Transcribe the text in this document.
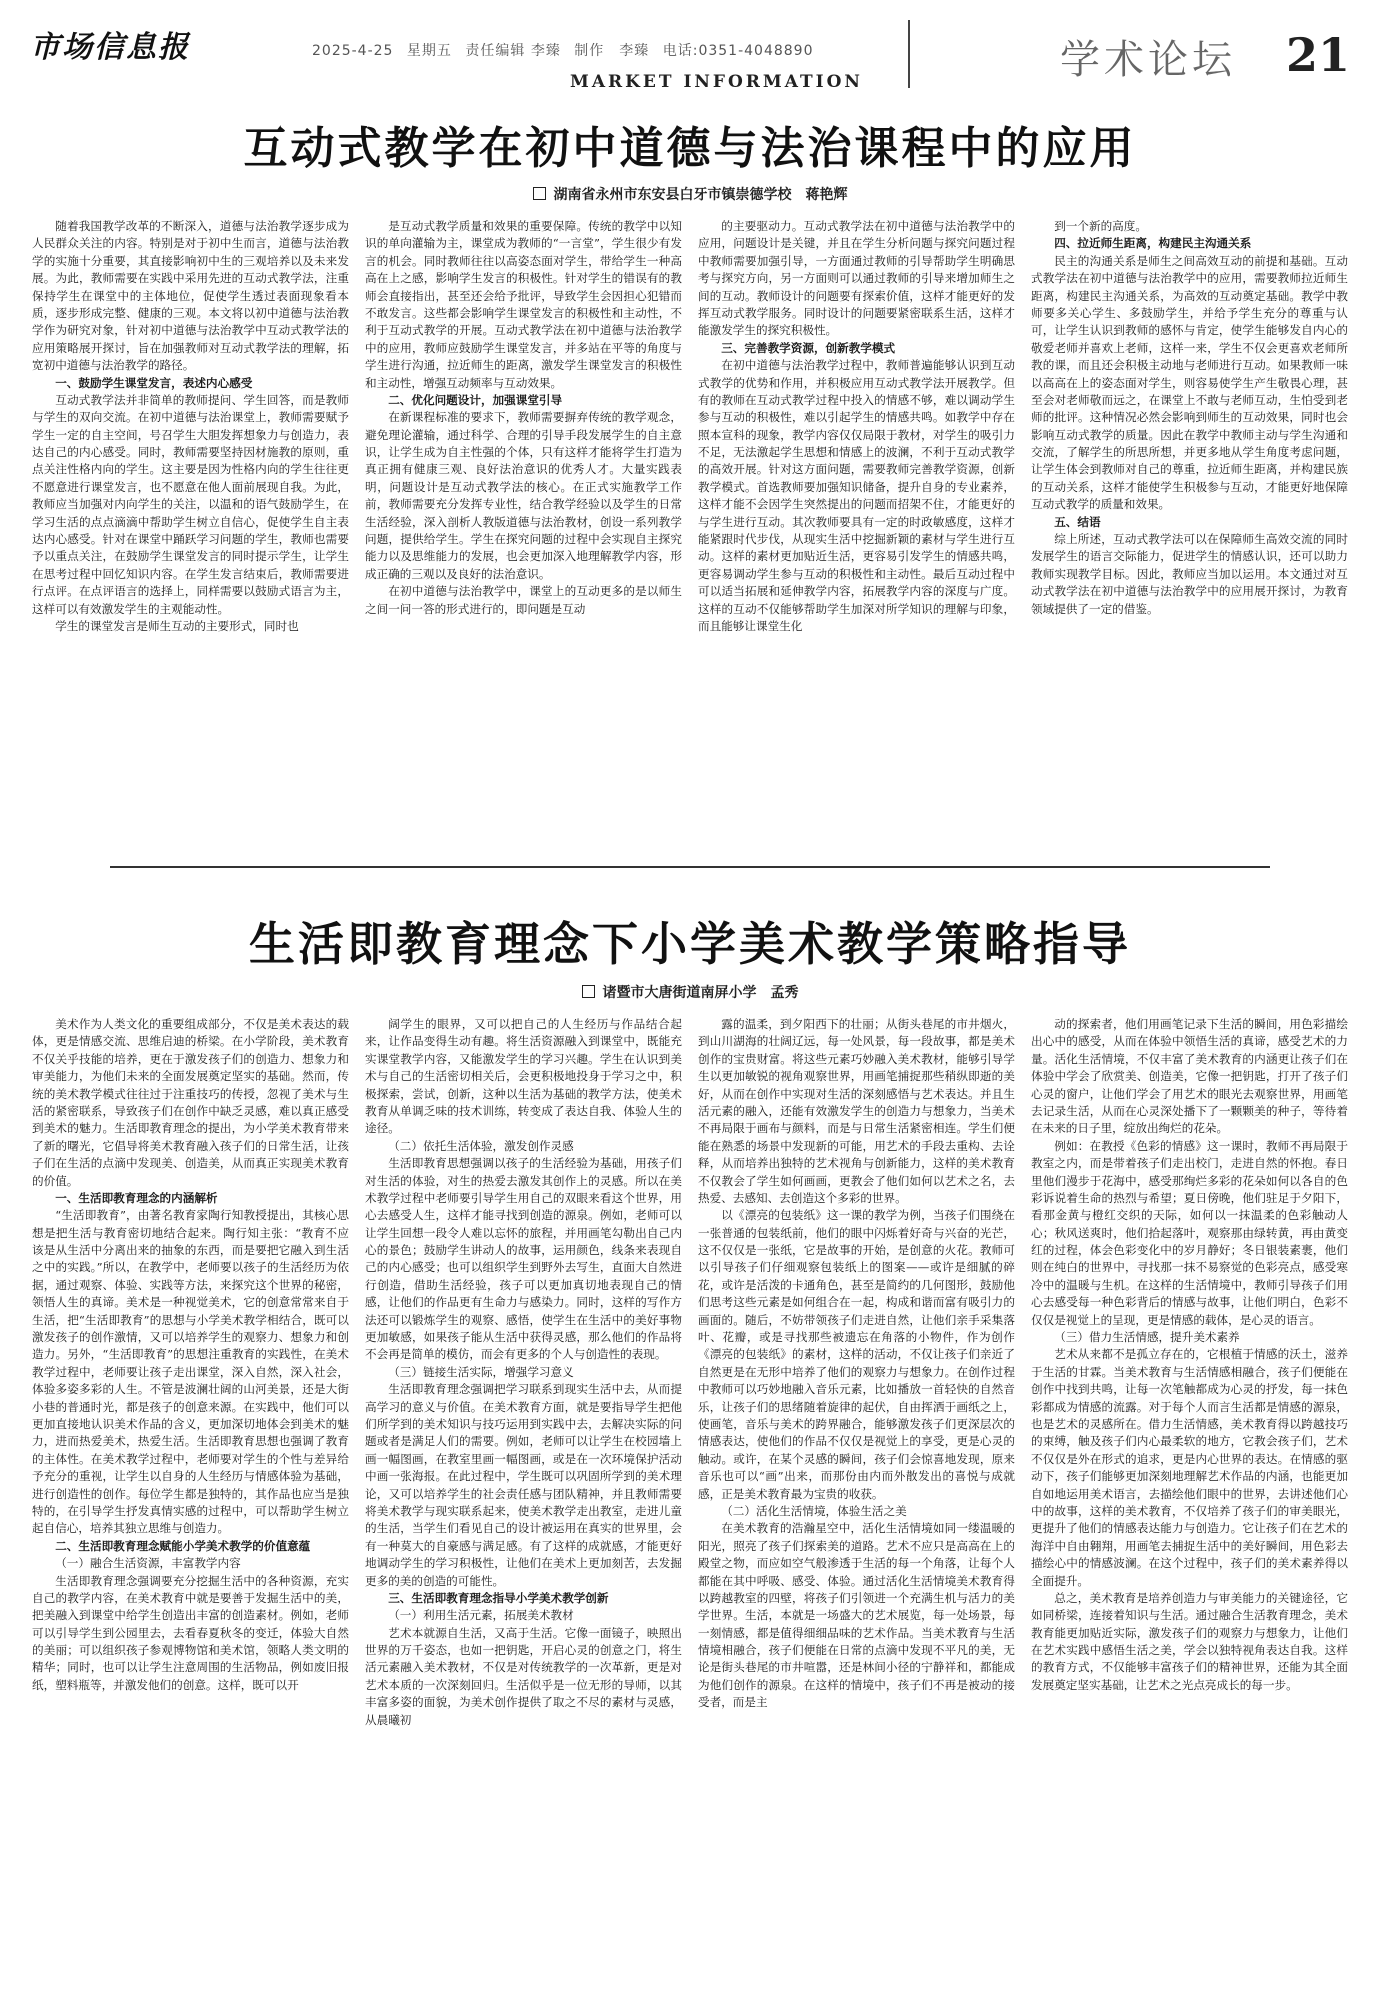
市场信息报	2025-4-25 星期五 责任编辑 李臻 制作　李臻 电话:0351-4048890
MARKET INFORMATION	学术论坛 21
互动式教学在初中道德与法治课程中的应用
湖南省永州市东安县白牙市镇崇德学校　蒋艳辉

随着我国教学改革的不断深入，道德与法治教学逐步成为人民群众关注的内容。特别是对于初中生而言，道德与法治教学的实施十分重要，其直接影响初中生的三观培养以及未来发展。为此，教师需要在实践中采用先进的互动式教学法，注重保持学生在课堂中的主体地位，促使学生透过表面现象看本质，逐步形成完整、健康的三观。本文将以初中道德与法治教学作为研究对象，针对初中道德与法治教学中互动式教学法的应用策略展开探讨，旨在加强教师对互动式教学法的理解，拓宽初中道德与法治教学的路径。

一、鼓励学生课堂发言，表述内心感受

互动式教学法并非简单的教师提问、学生回答，而是教师与学生的双向交流。在初中道德与法治课堂上，教师需要赋予学生一定的自主空间，号召学生大胆发挥想象力与创造力，表达自己的内心感受。同时，教师需要坚持因材施教的原则，重点关注性格内向的学生。这主要是因为性格内向的学生往往更不愿意进行课堂发言，也不愿意在他人面前展现自我。为此，教师应当加强对内向学生的关注，以温和的语气鼓励学生，在学习生活的点点滴滴中帮助学生树立自信心，促使学生自主表达内心感受。针对在课堂中踊跃学习问题的学生，教师也需要予以重点关注，在鼓励学生课堂发言的同时提示学生，让学生在思考过程中回忆知识内容。在学生发言结束后，教师需要进行点评。在点评语言的选择上，同样需要以鼓励式语言为主，这样可以有效激发学生的主观能动性。

学生的课堂发言是师生互动的主要形式，同时也

是互动式教学质量和效果的重要保障。传统的教学中以知识的单向灌输为主，课堂成为教师的“一言堂”，学生很少有发言的机会。同时教师往往以高姿态面对学生，带给学生一种高高在上之感，影响学生发言的积极性。针对学生的错误有的教师会直接指出，甚至还会给予批评，导致学生会因担心犯错而不敢发言。这些都会影响学生课堂发言的积极性和主动性，不利于互动式教学的开展。互动式教学法在初中道德与法治教学中的应用，教师应鼓励学生课堂发言，并多站在平等的角度与学生进行沟通，拉近师生的距离，激发学生课堂发言的积极性和主动性，增强互动频率与互动效果。

二、优化问题设计，加强课堂引导

在新课程标准的要求下，教师需要摒弃传统的教学观念，避免理论灌输，通过科学、合理的引导手段发展学生的自主意识，让学生成为自主性强的个体，只有这样才能将学生打造为真正拥有健康三观、良好法治意识的优秀人才。大量实践表明，问题设计是互动式教学法的核心。在正式实施教学工作前，教师需要充分发挥专业性，结合教学经验以及学生的日常生活经验，深入剖析人教版道德与法治教材，创设一系列教学问题，提供给学生。学生在探究问题的过程中会实现自主探究能力以及思维能力的发展，也会更加深入地理解教学内容，形成正确的三观以及良好的法治意识。

在初中道德与法治教学中，课堂上的互动更多的是以师生之间一问一答的形式进行的，即问题是互动

的主要驱动力。互动式教学法在初中道德与法治教学中的应用，问题设计是关键，并且在学生分析问题与探究问题过程中教师需要加强引导，一方面通过教师的引导帮助学生明确思考与探究方向，另一方面则可以通过教师的引导来增加师生之间的互动。教师设计的问题要有探索价值，这样才能更好的发挥互动式教学服务。同时设计的问题要紧密联系生活，这样才能激发学生的探究积极性。

三、完善教学资源，创新教学模式

在初中道德与法治教学过程中，教师普遍能够认识到互动式教学的优势和作用，并积极应用互动式教学法开展教学。但有的教师在互动式教学过程中投入的情感不够，难以调动学生参与互动的积极性，难以引起学生的情感共鸣。如教学中存在照本宣科的现象，教学内容仅仅局限于教材，对学生的吸引力不足，无法激起学生思想和情感上的波澜，不利于互动式教学的高效开展。针对这方面问题，需要教师完善教学资源，创新教学模式。首选教师要加强知识储备，提升自身的专业素养，这样才能不会因学生突然提出的问题而招架不住，才能更好的与学生进行互动。其次教师要具有一定的时政敏感度，这样才能紧跟时代步伐，从现实生活中挖掘新颖的素材与学生进行互动。这样的素材更加贴近生活，更容易引发学生的情感共鸣，更容易调动学生参与互动的积极性和主动性。最后互动过程中可以适当拓展和延伸教学内容，拓展教学内容的深度与广度。这样的互动不仅能够帮助学生加深对所学知识的理解与印象，而且能够让课堂生化

到一个新的高度。

四、拉近师生距离，构建民主沟通关系

民主的沟通关系是师生之间高效互动的前提和基础。互动式教学法在初中道德与法治教学中的应用，需要教师拉近师生距离，构建民主沟通关系，为高效的互动奠定基础。教学中教师要多关心学生、多鼓励学生，并给予学生充分的尊重与认可，让学生认识到教师的感怀与肯定，使学生能够发自内心的敬爱老师并喜欢上老师，这样一来，学生不仅会更喜欢老师所教的课，而且还会积极主动地与老师进行互动。如果教师一味以高高在上的姿态面对学生，则容易使学生产生敬畏心理，甚至会对老师敬而远之，在课堂上不敢与老师互动，生怕受到老师的批评。这种情况必然会影响到师生的互动效果，同时也会影响互动式教学的质量。因此在教学中教师主动与学生沟通和交流，了解学生的所思所想，并更多地从学生角度考虑问题，让学生体会到教师对自己的尊重，拉近师生距离，并构建民族的互动关系，这样才能使学生积极参与互动，才能更好地保障互动式教学的质量和效果。

五、结语

综上所述，互动式教学法可以在保障师生高效交流的同时发展学生的语言交际能力，促进学生的情感认识，还可以助力教师实现教学目标。因此，教师应当加以运用。本文通过对互动式教学法在初中道德与法治教学中的应用展开探讨，为教育领域提供了一定的借鉴。

生活即教育理念下小学美术教学策略指导
诸暨市大唐街道南屏小学　孟秀

美术作为人类文化的重要组成部分，不仅是美术表达的载体，更是情感交流、思维启迪的桥梁。在小学阶段，美术教育不仅关乎技能的培养，更在于激发孩子们的创造力、想象力和审美能力，为他们未来的全面发展奠定坚实的基础。然而，传统的美术教学模式往往过于注重技巧的传授，忽视了美术与生活的紧密联系，导致孩子们在创作中缺乏灵感，难以真正感受到美术的魅力。生活即教育理念的提出，为小学美术教育带来了新的曙光，它倡导将美术教育融入孩子们的日常生活，让孩子们在生活的点滴中发现美、创造美，从而真正实现美术教育的价值。

一、生活即教育理念的内涵解析

“生活即教育”，由著名教育家陶行知教授提出，其核心思想是把生活与教育密切地结合起来。陶行知主张：“教育不应该是从生活中分离出来的抽象的东西，而是要把它融入到生活之中的实践。”所以，在教学中，老师要以孩子的生活经历为依据，通过观察、体验、实践等方法，来探究这个世界的秘密，领悟人生的真谛。美术是一种视觉美术，它的创意常常来自于生活，把“生活即教育”的思想与小学美术教学相结合，既可以激发孩子的创作激情，又可以培养学生的观察力、想象力和创造力。另外，“生活即教育”的思想注重教育的实践性，在美术教学过程中，老师要让孩子走出课堂，深入自然，深入社会，体验多姿多彩的人生。不管是波澜壮阔的山河美景，还是大街小巷的普通时光，都是孩子的创意来源。在实践中，他们可以更加直接地认识美术作品的含义，更加深切地体会到美术的魅力，进而热爱美术，热爱生活。生活即教育思想也强调了教育的主体性。在美术教学过程中，老师要对学生的个性与差异给予充分的重视，让学生以自身的人生经历与情感体验为基础，进行创造性的创作。每位学生都是独特的，其作品也应当是独特的，在引导学生抒发真情实感的过程中，可以帮助学生树立起自信心，培养其独立思维与创造力。

二、生活即教育理念赋能小学美术教学的价值意蕴

（一）融合生活资源，丰富教学内容

生活即教育理念强调要充分挖掘生活中的各种资源，充实自己的教学内容，在美术教育中就是要善于发掘生活中的美，把美融入到课堂中给学生创造出丰富的创造素材。例如，老师可以引导学生到公园里去，去看春夏秋冬的变迁，体验大自然的美丽；可以组织孩子参观博物馆和美术馆，领略人类文明的精华；同时，也可以让学生注意周围的生活物品，例如废旧报纸，塑料瓶等，并激发他们的创意。这样，既可以开

阔学生的眼界，又可以把自己的人生经历与作品结合起来，让作品变得生动有趣。将生活资源融入到课堂中，既能充实课堂教学内容，又能激发学生的学习兴趣。学生在认识到美术与自己的生活密切相关后，会更积极地投身于学习之中，积极探索，尝试，创新，这种以生活为基础的教学方法，使美术教育从单调乏味的技术训练，转变成了表达自我、体验人生的途径。

（二）依托生活体验，激发创作灵感

生活即教育思想强调以孩子的生活经验为基础，用孩子们对生活的体验，对生的热爱去激发其创作上的灵感。所以在美术教学过程中老师要引导学生用自己的双眼来看这个世界，用心去感受人生，这样才能寻找到创造的源泉。例如，老师可以让学生回想一段令人难以忘怀的旅程，并用画笔勾勒出自己内心的景色；鼓励学生讲动人的故事，运用颜色，线条来表现自己的内心感受；也可以组织学生到野外去写生，直面大自然进行创造，借助生活经验，孩子可以更加真切地表现自己的情感，让他们的作品更有生命力与感染力。同时，这样的写作方法还可以锻炼学生的观察、感悟，使学生在生活中的美好事物更加敏感，如果孩子能从生活中获得灵感，那么他们的作品将不会再是简单的模仿，而会有更多的个人与创造性的表现。

（三）链接生活实际，增强学习意义

生活即教育理念强调把学习联系到现实生活中去，从而提高学习的意义与价值。在美术教育方面，就是要指导学生把他们所学到的美术知识与技巧运用到实践中去，去解决实际的问题或者是满足人们的需要。例如，老师可以让学生在校园墙上画一幅图画，在教室里画一幅图画，或是在一次环境保护活动中画一张海报。在此过程中，学生既可以巩固所学到的美术理论，又可以培养学生的社会责任感与团队精神，并且教师需要将美术教学与现实联系起来，使美术教学走出教室，走进儿童的生活，当学生们看见自己的设计被运用在真实的世界里，会有一种莫大的自豪感与满足感。有了这样的成就感，才能更好地调动学生的学习积极性，让他们在美术上更加刻苦，去发掘更多的美的创造的可能性。

三、生活即教育理念指导小学美术教学创新

（一）利用生活元素，拓展美术教材

艺术本就源自生活，又高于生活。它像一面镜子，映照出世界的万千姿态，也如一把钥匙，开启心灵的创意之门，将生活元素融入美术教材，不仅是对传统教学的一次革新，更是对艺术本质的一次深刻回归。生活似乎是一位无形的导师，以其丰富多姿的面貌，为美术创作提供了取之不尽的素材与灵感，从晨曦初

露的温柔，到夕阳西下的壮丽；从街头巷尾的市井烟火，到山川湖海的壮阔辽远，每一处风景，每一段故事，都是美术创作的宝贵财富。将这些元素巧妙融入美术教材，能够引导学生以更加敏锐的视角观察世界，用画笔捕捉那些稍纵即逝的美好，从而在创作中实现对生活的深刻感悟与艺术表达。并且生活元素的融入，还能有效激发学生的创造力与想象力，当美术不再局限于画布与颜料，而是与日常生活紧密相连。学生们便能在熟悉的场景中发现新的可能，用艺术的手段去重构、去诠释，从而培养出独特的艺术视角与创新能力，这样的美术教育不仅教会了学生如何画画，更教会了他们如何以艺术之名，去热爱、去感知、去创造这个多彩的世界。

以《漂亮的包装纸》这一课的教学为例，当孩子们围绕在一张普通的包装纸前，他们的眼中闪烁着好奇与兴奋的光芒，这不仅仅是一张纸，它是故事的开始，是创意的火花。教师可以引导孩子们仔细观察包装纸上的图案——或许是细腻的碎花，或许是活泼的卡通角色，甚至是简约的几何图形，鼓励他们思考这些元素是如何组合在一起，构成和谐而富有吸引力的画面的。随后，不妨带领孩子们走进自然，让他们亲手采集落叶、花瓣，或是寻找那些被遗忘在角落的小物件，作为创作《漂亮的包装纸》的素材，这样的活动，不仅让孩子们亲近了自然更是在无形中培养了他们的观察力与想象力。在创作过程中教师可以巧妙地融入音乐元素，比如播放一首轻快的自然音乐，让孩子们的思绪随着旋律的起伏，自由挥洒于画纸之上，使画笔，音乐与美术的跨界融合，能够激发孩子们更深层次的情感表达，使他们的作品不仅仅是视觉上的享受，更是心灵的触动。或许，在某个灵感的瞬间，孩子们会惊喜地发现，原来音乐也可以“画”出来，而那份由内而外散发出的喜悦与成就感，正是美术教育最为宝贵的收获。

（二）活化生活情境，体验生活之美

在美术教育的浩瀚星空中，活化生活情境如同一缕温暖的阳光，照亮了孩子们探索美的道路。艺术不应只是高高在上的殿堂之物，而应如空气般渗透于生活的每一个角落，让每个人都能在其中呼吸、感受、体验。通过活化生活情境美术教育得以跨越教室的四壁，将孩子们引领进一个充满生机与活力的美学世界。生活，本就是一场盛大的艺术展览，每一处场景，每一刻情感，都是值得细细品味的艺术作品。当美术教育与生活情境相融合，孩子们便能在日常的点滴中发现不平凡的美，无论是街头巷尾的市井喧嚣，还是林间小径的宁静祥和，都能成为他们创作的源泉。在这样的情境中，孩子们不再是被动的接受者，而是主

动的探索者，他们用画笔记录下生活的瞬间，用色彩描绘出心中的感受，从而在体验中领悟生活的真谛，感受艺术的力量。活化生活情境，不仅丰富了美术教育的内涵更让孩子们在体验中学会了欣赏美、创造美，它像一把钥匙，打开了孩子们心灵的窗户，让他们学会了用艺术的眼光去观察世界，用画笔去记录生活，从而在心灵深处播下了一颗颗美的种子，等待着在未来的日子里，绽放出绚烂的花朵。

例如：在教授《色彩的情感》这一课时，教师不再局限于教室之内，而是带着孩子们走出校门，走进自然的怀抱。春日里他们漫步于花海中，感受那绚烂多彩的花朵如何以各自的色彩诉说着生命的热烈与希望；夏日傍晚，他们驻足于夕阳下，看那金黄与橙红交织的天际，如何以一抹温柔的色彩触动人心；秋风送爽时，他们拾起落叶，观察那由绿转黄，再由黄变红的过程，体会色彩变化中的岁月静好；冬日银装素裹，他们则在纯白的世界中，寻找那一抹不易察觉的色彩亮点，感受寒冷中的温暖与生机。在这样的生活情境中，教师引导孩子们用心去感受每一种色彩背后的情感与故事，让他们明白，色彩不仅仅是视觉上的呈现，更是情感的载体，是心灵的语言。

（三）借力生活情感，提升美术素养

艺术从来都不是孤立存在的，它根植于情感的沃土，滋养于生活的甘霖。当美术教育与生活情感相融合，孩子们便能在创作中找到共鸣，让每一次笔触都成为心灵的抒发，每一抹色彩都成为情感的流露。对于每个人而言生活都是情感的源泉，也是艺术的灵感所在。借力生活情感，美术教育得以跨越技巧的束缚，触及孩子们内心最柔软的地方，它教会孩子们，艺术不仅仅是外在形式的追求，更是内心世界的表达。在情感的驱动下，孩子们能够更加深刻地理解艺术作品的内涵，也能更加自如地运用美术语言，去描绘他们眼中的世界，去讲述他们心中的故事，这样的美术教育，不仅培养了孩子们的审美眼光，更提升了他们的情感表达能力与创造力。它让孩子们在艺术的海洋中自由翱翔，用画笔去捕捉生活中的美好瞬间，用色彩去描绘心中的情感波澜。在这个过程中，孩子们的美术素养得以全面提升。

总之，美术教育是培养创造力与审美能力的关键途径，它如同桥梁，连接着知识与生活。通过融合生活教育理念，美术教育能更加贴近实际，激发孩子们的观察力与想象力，让他们在艺术实践中感悟生活之美，学会以独特视角表达自我。这样的教育方式，不仅能够丰富孩子们的精神世界，还能为其全面发展奠定坚实基础，让艺术之光点亮成长的每一步。
